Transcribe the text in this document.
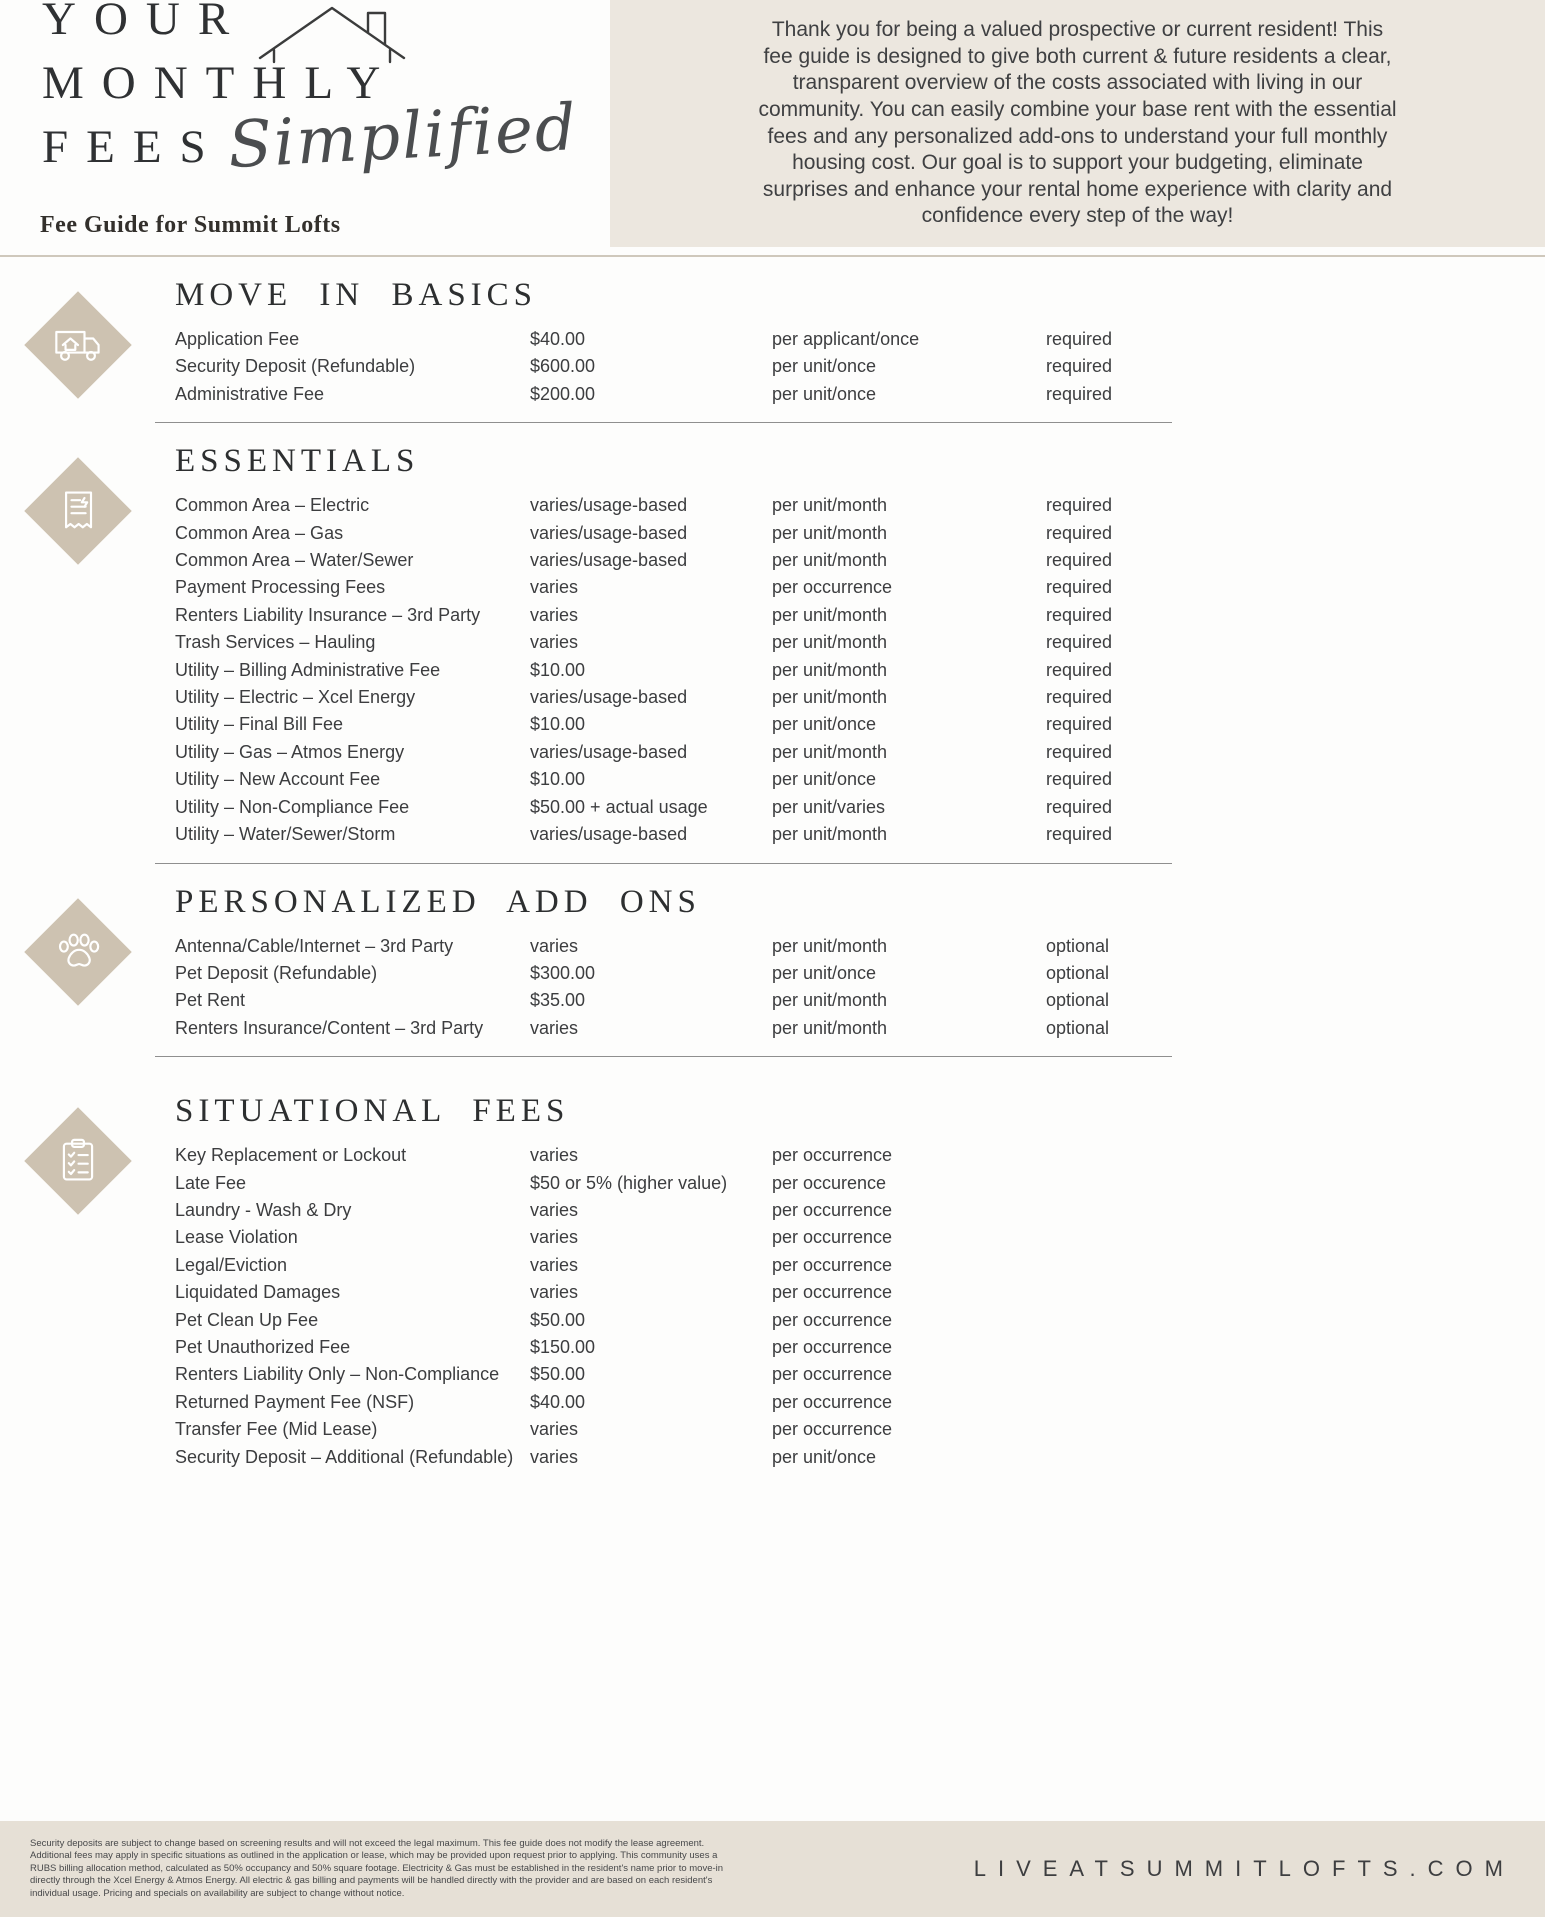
YOUR
MONTHLY
FEES Simplified
Fee Guide for Summit Lofts
Thank you for being a valued prospective or current resident! This fee guide is designed to give both current & future residents a clear, transparent overview of the costs associated with living in our community. You can easily combine your base rent with the essential fees and any personalized add-ons to understand your full monthly housing cost. Our goal is to support your budgeting, eliminate surprises and enhance your rental home experience with clarity and confidence every step of the way!
MOVE IN BASICS
Application Fee	$40.00	per applicant/once	required
Security Deposit (Refundable)	$600.00	per unit/once	required
Administrative Fee	$200.00	per unit/once	required
ESSENTIALS
Common Area – Electric	varies/usage-based	per unit/month	required
Common Area – Gas	varies/usage-based	per unit/month	required
Common Area – Water/Sewer	varies/usage-based	per unit/month	required
Payment Processing Fees	varies	per occurrence	required
Renters Liability Insurance – 3rd Party	varies	per unit/month	required
Trash Services – Hauling	varies	per unit/month	required
Utility – Billing Administrative Fee	$10.00	per unit/month	required
Utility – Electric – Xcel Energy	varies/usage-based	per unit/month	required
Utility – Final Bill Fee	$10.00	per unit/once	required
Utility – Gas – Atmos Energy	varies/usage-based	per unit/month	required
Utility – New Account Fee	$10.00	per unit/once	required
Utility – Non-Compliance Fee	$50.00 + actual usage	per unit/varies	required
Utility – Water/Sewer/Storm	varies/usage-based	per unit/month	required
PERSONALIZED ADD ONS
Antenna/Cable/Internet – 3rd Party	varies	per unit/month	optional
Pet Deposit (Refundable)	$300.00	per unit/once	optional
Pet Rent	$35.00	per unit/month	optional
Renters Insurance/Content – 3rd Party	varies	per unit/month	optional
SITUATIONAL FEES
Key Replacement or Lockout	varies	per occurrence
Late Fee	$50 or 5% (higher value)	per occurence
Laundry - Wash & Dry	varies	per occurrence
Lease Violation	varies	per occurrence
Legal/Eviction	varies	per occurrence
Liquidated Damages	varies	per occurrence
Pet Clean Up Fee	$50.00	per occurrence
Pet Unauthorized Fee	$150.00	per occurrence
Renters Liability Only – Non-Compliance	$50.00	per occurrence
Returned Payment Fee (NSF)	$40.00	per occurrence
Transfer Fee (Mid Lease)	varies	per occurrence
Security Deposit – Additional (Refundable) varies	per unit/once
Security deposits are subject to change based on screening results and will not exceed the legal maximum. This fee guide does not modify the lease agreement. Additional fees may apply in specific situations as outlined in the application or lease, which may be provided upon request prior to applying. This community uses a RUBS billing allocation method, calculated as 50% occupancy and 50% square footage. Electricity & Gas must be established in the resident's name prior to move-in directly through the Xcel Energy & Atmos Energy. All electric & gas billing and payments will be handled directly with the provider and are based on each resident's individual usage. Pricing and specials on availability are subject to change without notice.
LIVEATSUMMITLOFTS.COM
